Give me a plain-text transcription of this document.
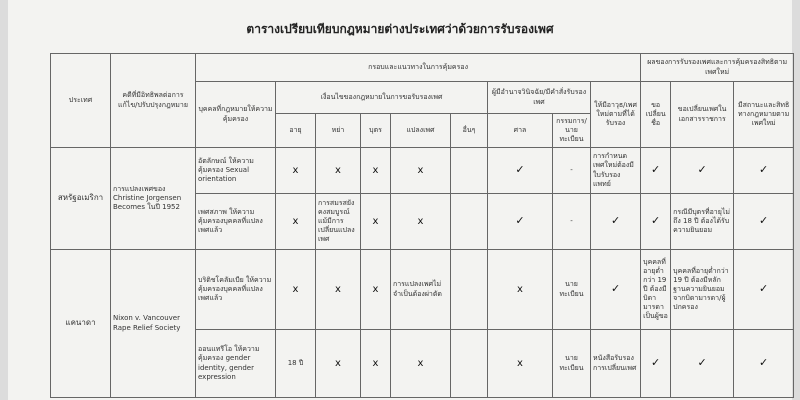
ตารางเปรียบเทียบกฎหมายต่างประเทศว่าด้วยการรับรองเพศ
ประเทศ	คดีที่มีอิทธิพลต่อการแก้ไข/ปรับปรุงกฎหมาย	กรอบและแนวทางในการคุ้มครอง									ผลของการรับรองเพศและการคุ้มครองสิทธิตามเพศใหม่		
		บุคคลที่กฎหมายให้ความคุ้มครอง	เงื่อนไขของกฎหมายในการขอรับรองเพศ					ผู้มีอำนาจวินิจฉัย/มีคำสั่งรับรองเพศ		ให้มีอาวุธ/เพศใหม่ตามที่ได้รับรอง	ขอเปลี่ยนชื่อ	ขอเปลี่ยนเพศในเอกสารราชการ	มีสถานะและสิทธิทางกฎหมายตามเพศใหม่
			อายุ	หย่า	บุตร	แปลงเพศ	อื่นๆ	ศาล	กรรมการ/นายทะเบียน				
สหรัฐอเมริกา	การแปลงเพศของ Christine Jorgensen Becomes ในปี 1952	อัตลักษณ์ ให้ความคุ้มครอง Sexual orientation	x	x	x	x		✓	-	การกำหนดเพศใหม่ต้องมีใบรับรองแพทย์	✓	✓	✓
		เพศสภาพ ให้ความคุ้มครองบุคคลที่แปลงเพศแล้ว	x	การสมรสยังคงสมบูรณ์ แม้มีการเปลี่ยนแปลงเพศ	x	x		✓	-	✓	✓	กรณีมีบุตรที่อายุไม่ถึง 18 ปี ต้องได้รับความยินยอม	✓
แคนาดา	Nixon v. Vancouver Rape Relief Society	บริติชโคลัมเบีย ให้ความคุ้มครองบุคคลที่แปลงเพศแล้ว	x	x	x	การแปลงเพศไม่จำเป็นต้องผ่าตัด		x	นายทะเบียน	✓	บุคคลที่อายุต่ำกว่า 19 ปี ต้องมีบิดามารดาเป็นผู้ขอ	บุคคลที่อายุต่ำกว่า 19 ปี ต้องมีหลักฐานความยินยอมจากบิดามารดา/ผู้ปกครอง	✓
		ออนแทรีโอ ให้ความคุ้มครอง gender identity, gender expression	18 ปี	x	x	x		x	นายทะเบียน	หนังสือรับรองการเปลี่ยนเพศ	✓	✓	✓
